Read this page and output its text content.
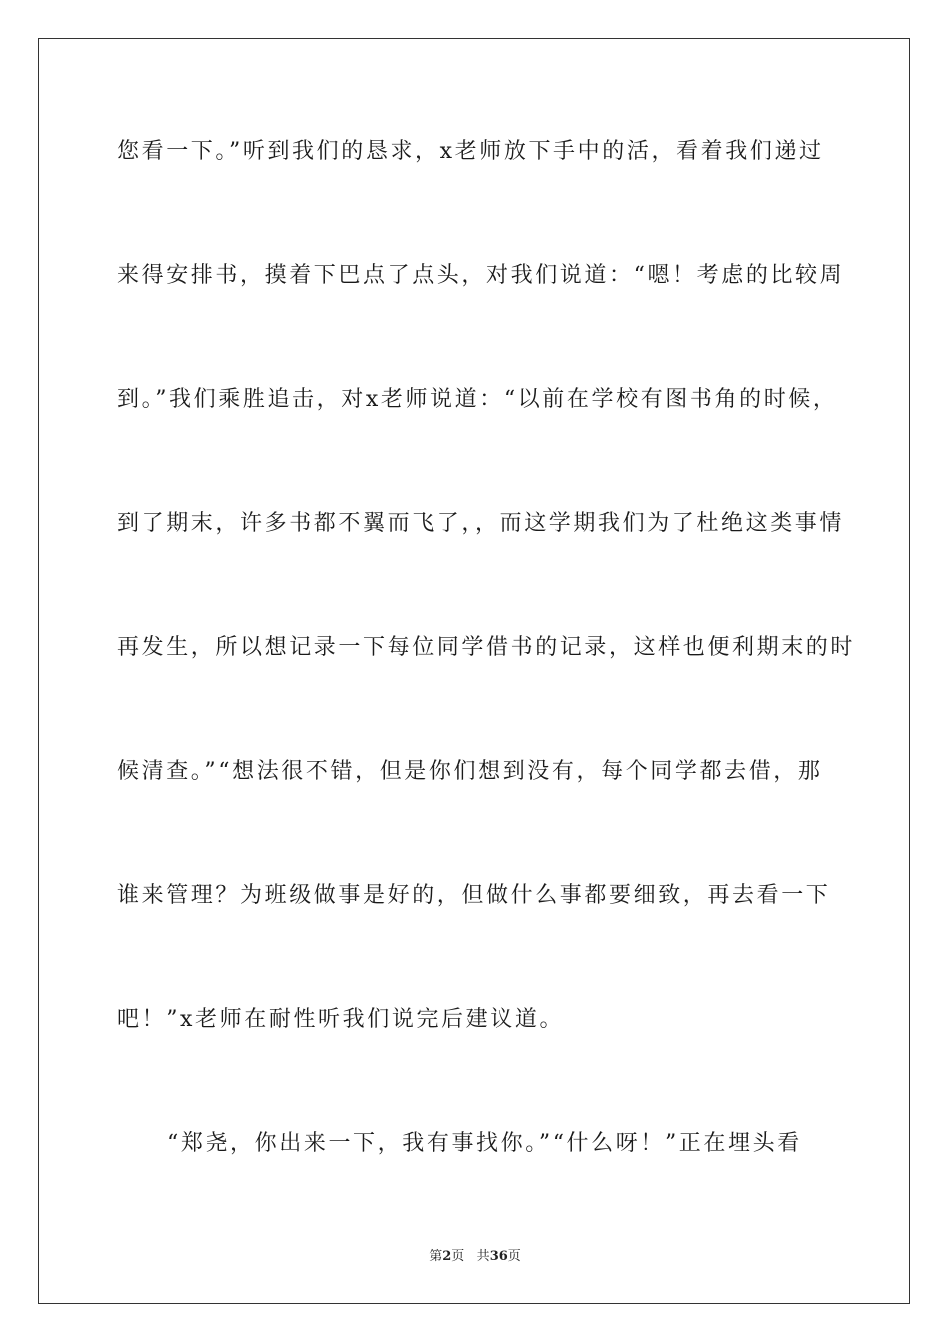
您看一下。”听到我们的恳求，x老师放下手中的活，看着我们递过
来得安排书，摸着下巴点了点头，对我们说道：“嗯！考虑的比较周
到。”我们乘胜追击，对x老师说道：“以前在学校有图书角的时候，
到了期末，许多书都不翼而飞了，，而这学期我们为了杜绝这类事情
再发生，所以想记录一下每位同学借书的记录，这样也便利期末的时
候清查。”“想法很不错，但是你们想到没有，每个同学都去借，那
谁来管理？为班级做事是好的，但做什么事都要细致，再去看一下
吧！”x老师在耐性听我们说完后建议道。
“郑尧，你出来一下，我有事找你。”“什么呀！”正在埋头看
第2页 共36页
